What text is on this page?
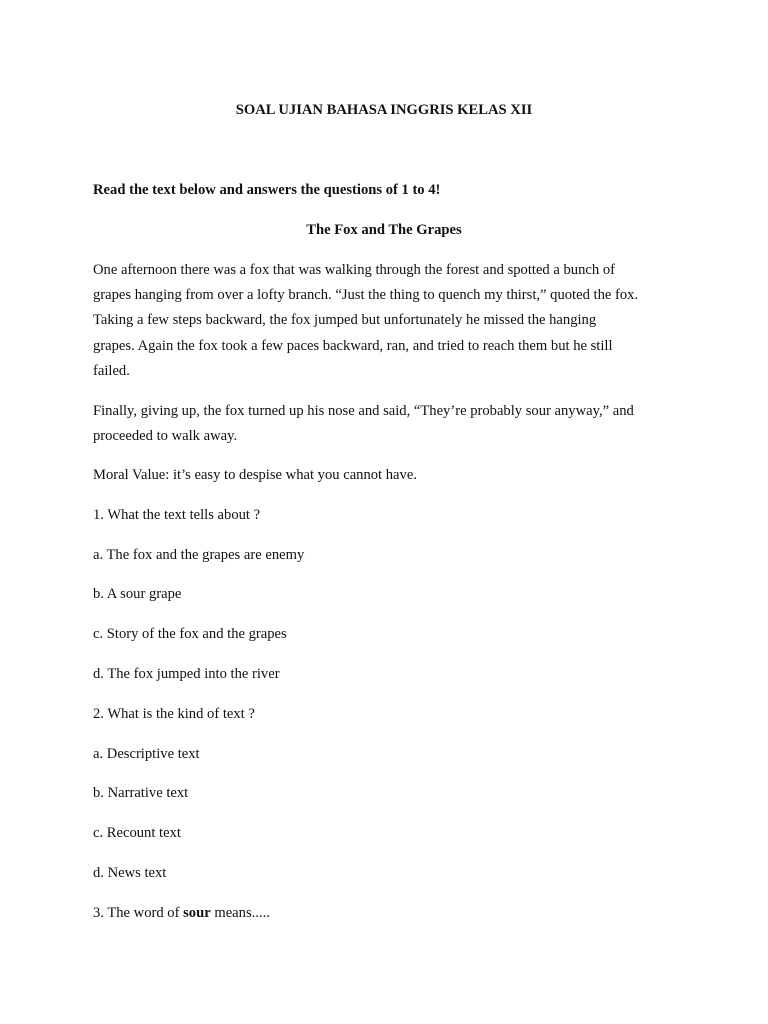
SOAL UJIAN BAHASA INGGRIS KELAS XII
Read the text below and answers the questions of 1 to 4!
The Fox and The Grapes
One afternoon there was a fox that was walking through the forest and spotted a bunch of
grapes hanging from over a lofty branch. “Just the thing to quench my thirst,” quoted the fox.
Taking a few steps backward, the fox jumped but unfortunately he missed the hanging
grapes. Again the fox took a few paces backward, ran, and tried to reach them but he still
failed.
Finally, giving up, the fox turned up his nose and said, “They’re probably sour anyway,” and
proceeded to walk away.
Moral Value: it’s easy to despise what you cannot have.
1. What the text tells about ?
a. The fox and the grapes are enemy
b. A sour grape
c. Story of the fox and the grapes
d. The fox jumped into the river
2. What is the kind of text ?
a. Descriptive text
b. Narrative text
c. Recount text
d. News text
3. The word of sour means.....
